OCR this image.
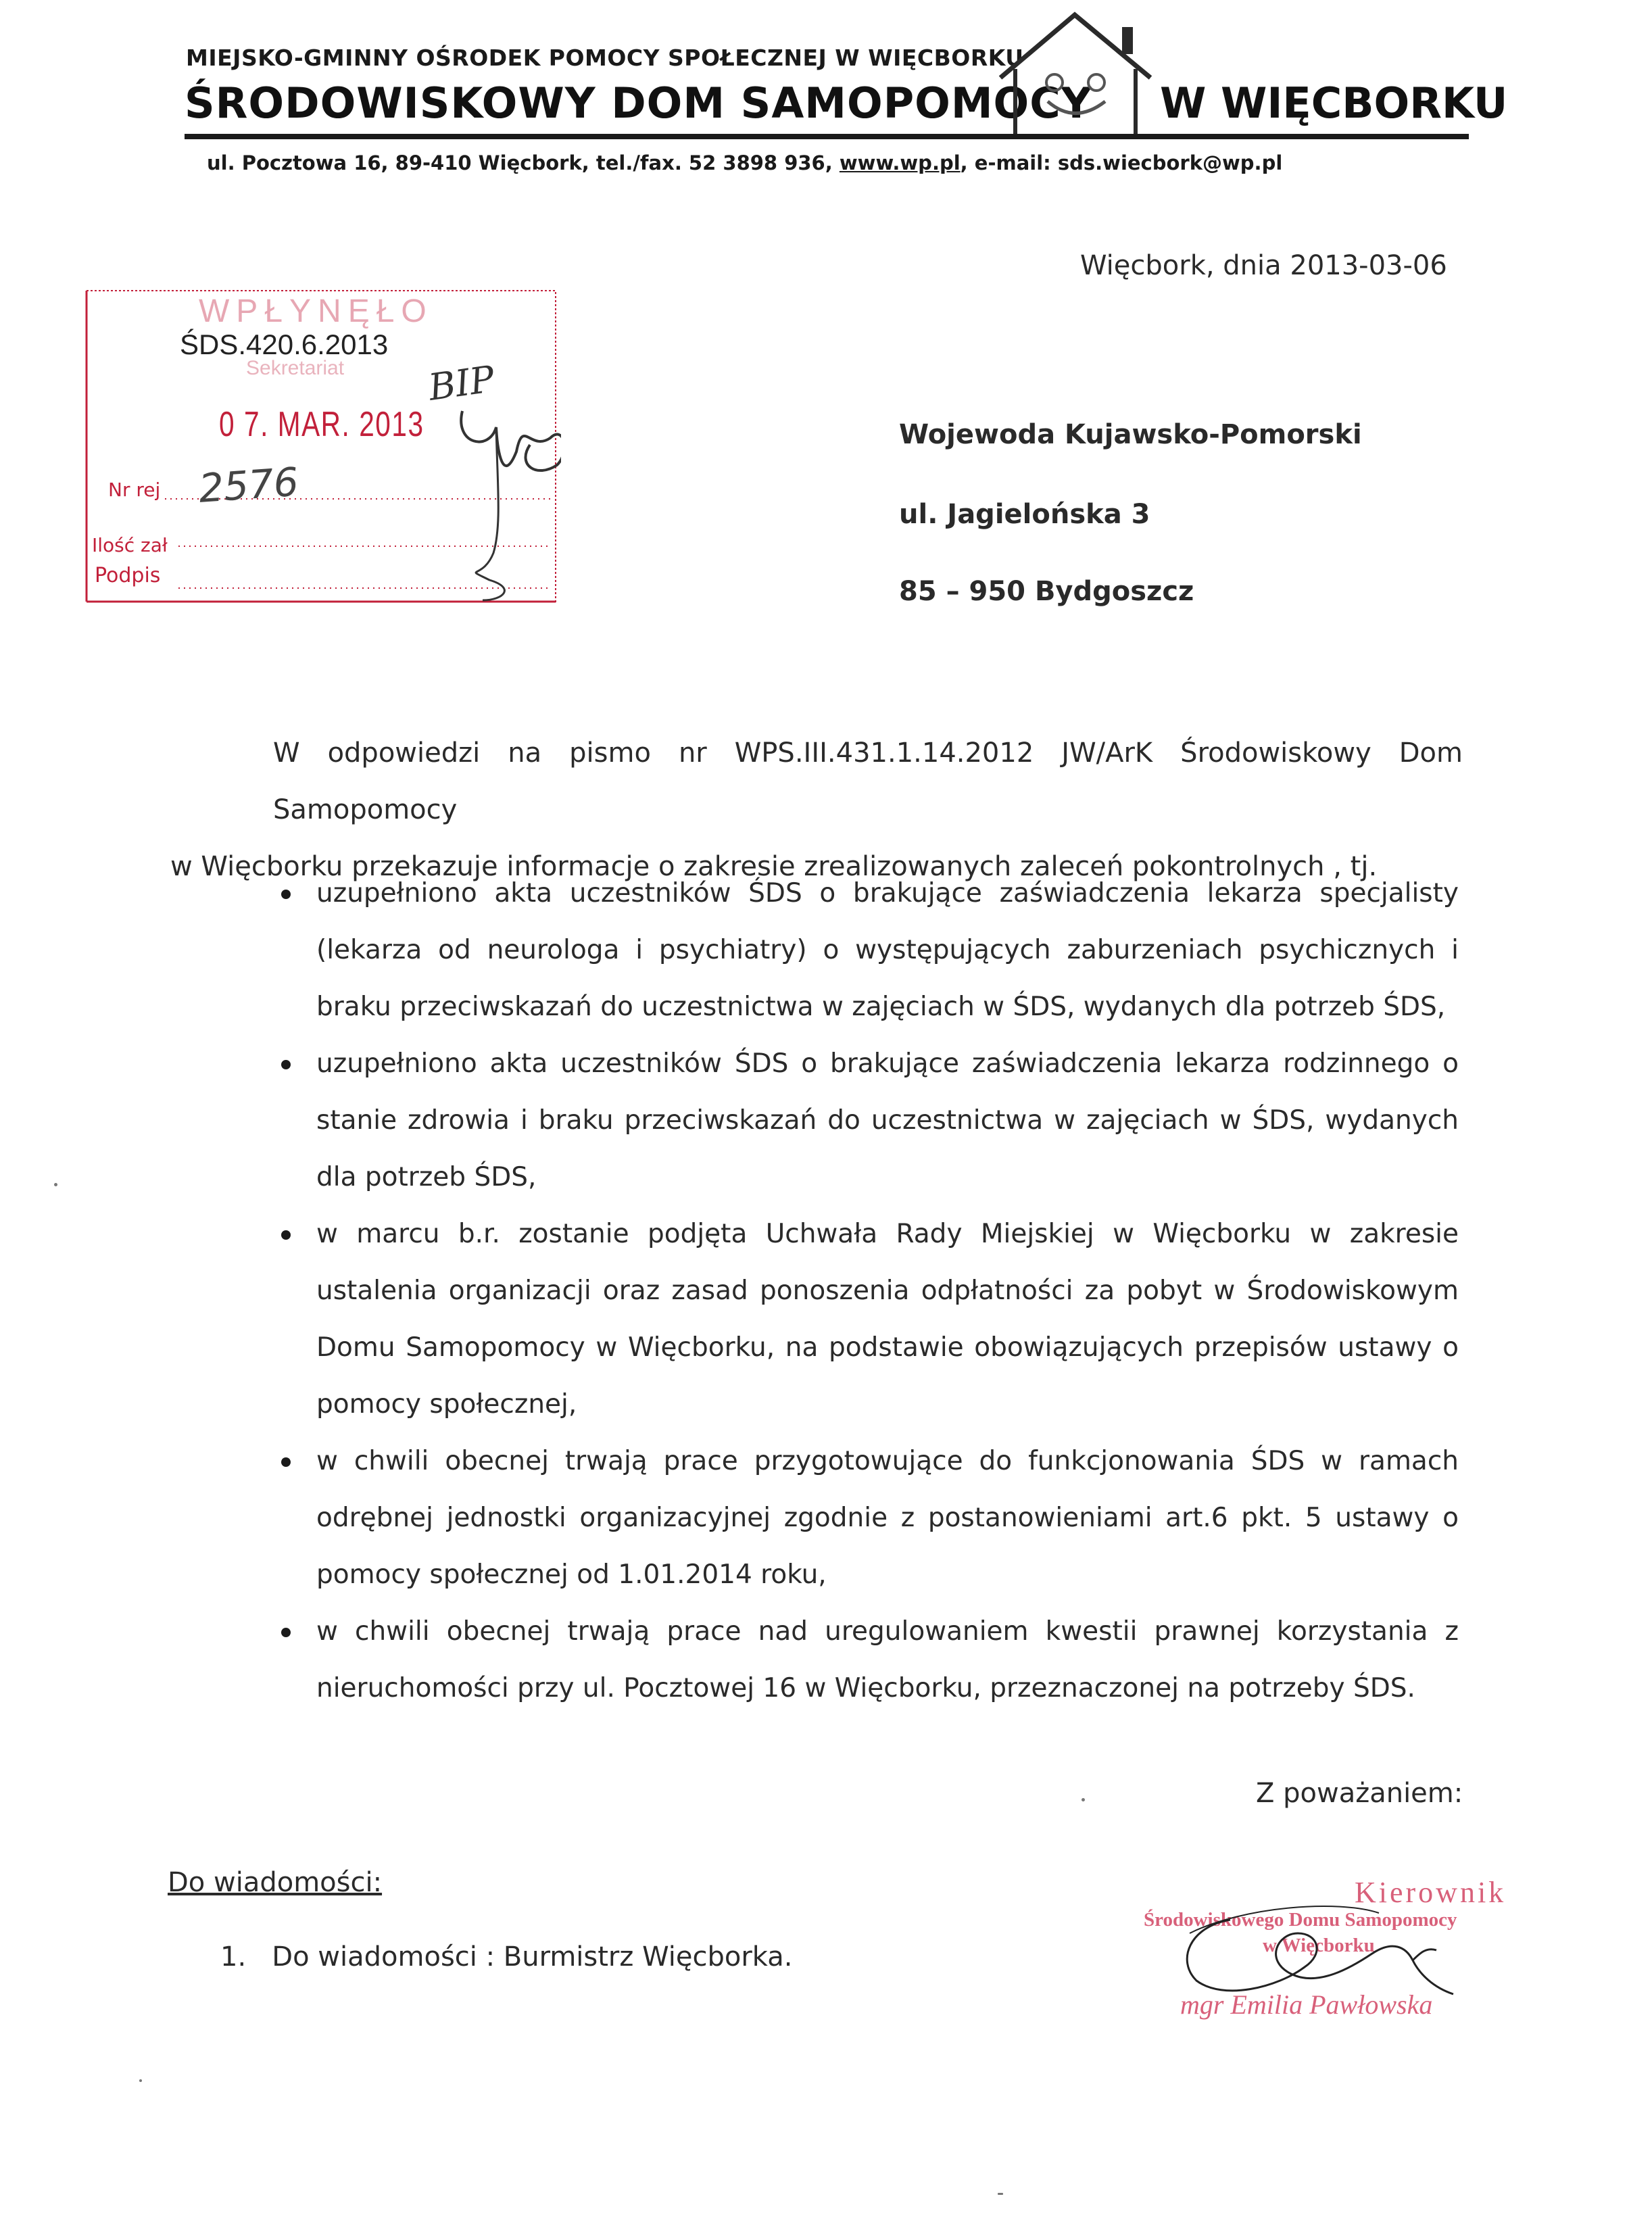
MIEJSKO-GMINNY OŚRODEK POMOCY SPOŁECZNEJ W WIĘCBORKU
ŚRODOWISKOWY DOM SAMOPOMOCY W WIĘCBORKU
ul. Pocztowa 16, 89-410 Więcbork, tel./fax. 52 3898 936, www.wp.pl, e-mail: sds.wiecbork@wp.pl
Więcbork, dnia 2013-03-06
WPŁYNĘŁO
Sekretariat BIP
2576
ŚDS.420.6.2013
0 7. MAR. 2013
Nr rej
Ilość zał
Podpis
Wojewoda Kujawsko-Pomorski
ul. Jagielońska 3
85 – 950 Bydgoszcz
W odpowiedzi na pismo nr WPS.III.431.1.14.2012 JW/ArK Środowiskowy Dom Samopomocy
w Więcborku przekazuje informacje o zakresie zrealizowanych zaleceń pokontrolnych , tj.
uzupełniono akta uczestników ŚDS o brakujące zaświadczenia lekarza specjalisty (lekarza od neurologa i psychiatry) o występujących zaburzeniach psychicznych i braku przeciwskazań do uczestnictwa w zajęciach w ŚDS, wydanych dla potrzeb ŚDS,
uzupełniono akta uczestników ŚDS o brakujące zaświadczenia lekarza rodzinnego o stanie zdrowia i braku przeciwskazań do uczestnictwa w zajęciach w ŚDS, wydanych dla potrzeb ŚDS,
w marcu b.r. zostanie podjęta Uchwała Rady Miejskiej w Więcborku w zakresie ustalenia organizacji oraz zasad ponoszenia odpłatności za pobyt w Środowiskowym Domu Samopomocy w Więcborku, na podstawie obowiązujących przepisów ustawy o pomocy społecznej,
w chwili obecnej trwają prace przygotowujące do funkcjonowania ŚDS w ramach odrębnej jednostki organizacyjnej zgodnie z postanowieniami art.6 pkt. 5 ustawy o pomocy społecznej od 1.01.2014 roku,
w chwili obecnej trwają prace nad uregulowaniem kwestii prawnej korzystania z nieruchomości przy ul. Pocztowej 16 w Więcborku, przeznaczonej na potrzeby ŚDS.
Z poważaniem:
Do wiadomości:
1.   Do wiadomości : Burmistrz Więcborka.
Kierownik
Środowiskowego Domu Samopomocy
w Więcborku
mgr Emilia Pawłowska
